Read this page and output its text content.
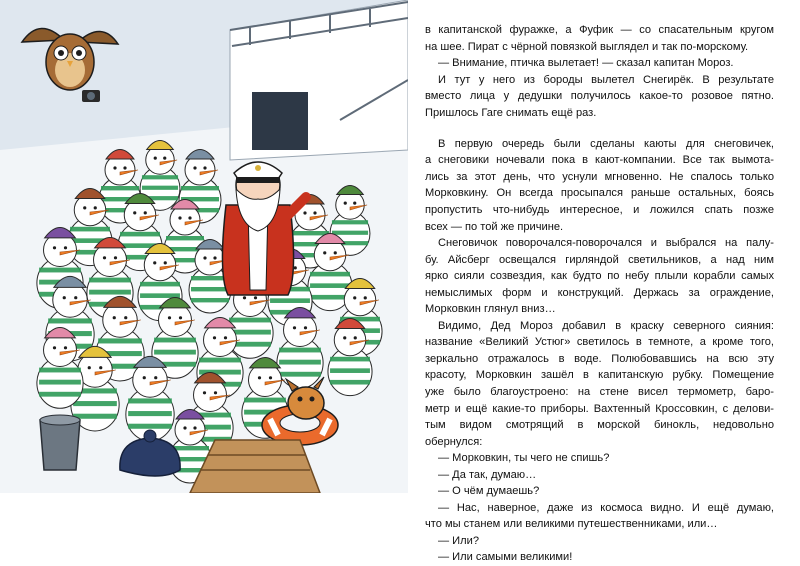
в капитанской фуражке, а Фуфик — со спасательным кругом
на шее. Пират с чёрной повязкой выглядел и так по-морскому.

— Внимание, птичка вылетает! — сказал капитан Мороз.

И тут у него из бороды вылетел Снегирёк. В результате
вместо лица у дедушки получилось какое-то розовое пятно.
Пришлось Гаге снимать ещё раз.

В первую очередь были сделаны каюты для снеговичек,
а снеговики ночевали пока в кают-компании. Все так вымота-
лись за этот день, что уснули мгновенно. Не спалось только
Морковкину. Он всегда просыпался раньше остальных, боясь
пропустить что-нибудь интересное, и ложился спать позже
всех — по той же причине.

Снеговичок поворочался-поворочался и выбрался на палу-
бу. Айсберг освещался гирляндой светильников, а над ним
ярко сияли созвездия, как будто по небу плыли корабли самых
немыслимых форм и конструкций. Держась за ограждение,
Морковкин глянул вниз…

Видимо, Дед Мороз добавил в краску северного сияния:
название «Великий Устюг» светилось в темноте, а кроме того,
зеркально отражалось в воде. Полюбовавшись на всю эту
красоту, Морковкин зашёл в капитанскую рубку. Помещение
уже было благоустроено: на стене висел термометр, баро-
метр и ещё какие-то приборы. Вахтенный Кроссовкин, с делови-
тым видом смотрящий в морской бинокль, недовольно
обернулся:

— Морковкин, ты чего не спишь?

— Да так, думаю…

— О чём думаешь?

— Нас, наверное, даже из космоса видно. И ещё думаю,
что мы станем или великими путешественниками, или…

— Или?

— Или самыми великими!
